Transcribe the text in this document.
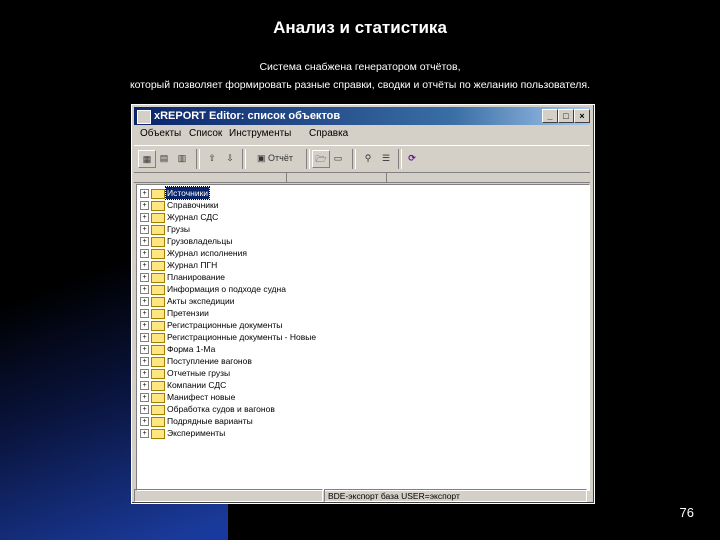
Анализ и статистика
Система снабжена генератором отчётов,
который позволяет формировать разные справки, сводки и отчёты по желанию пользователя.
xREPORT Editor: список объектов	_	□	×
Объекты Список Инструменты Справка
▦ ▤	▥	⇧	⇩	▣ Отчёт	🗁 ▭	⚲	☰	⟳
+ Источники
+ Справочники
+ Журнал СДС
+ Грузы
+ Грузовладельцы
+ Журнал исполнения
+ Журнал ПГН
+ Планирование
+ Информация о подходе судна
+ Акты экспедиции
+ Претензии
+ Регистрационные документы
+ Регистрационные документы - Новые
+ Форма 1-Ма
+ Поступление вагонов
+ Отчетные грузы
+ Компании СДС
+ Манифест новые
+ Обработка судов и вагонов
+ Подрядные варианты
+ Эксперименты
BDE-экспорт база USER=экспорт
76
